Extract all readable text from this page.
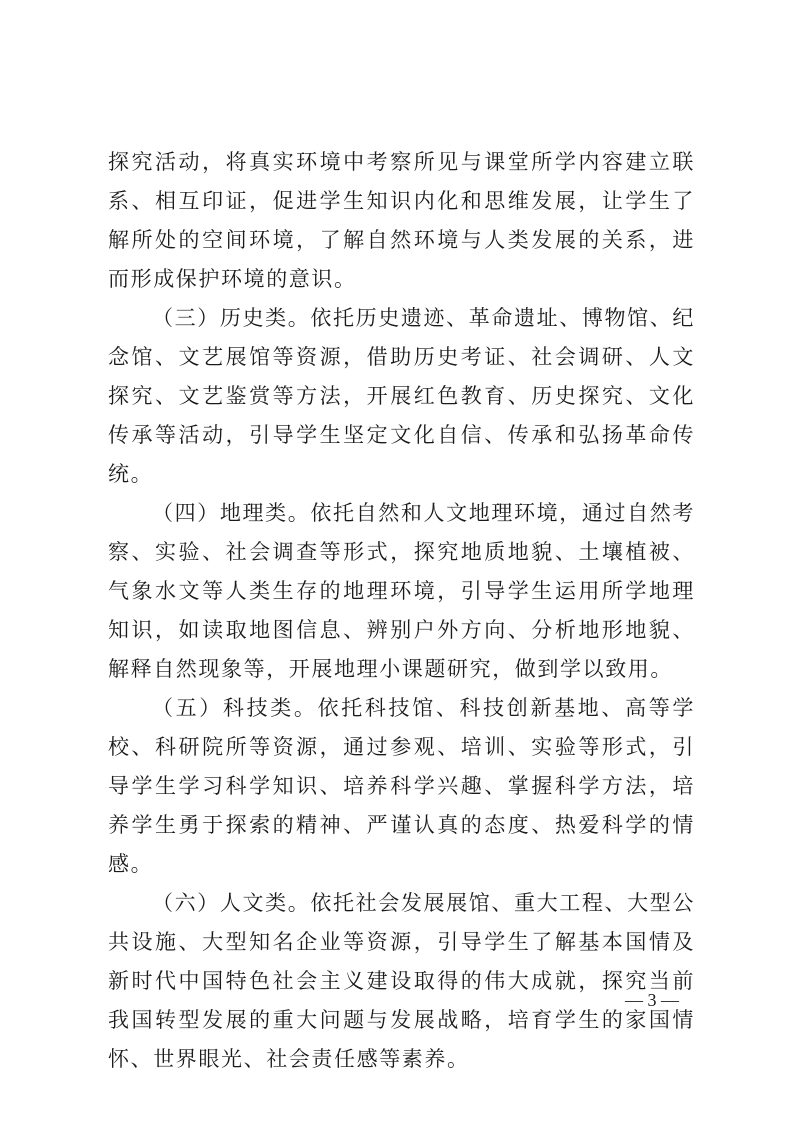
探究活动，将真实环境中考察所见与课堂所学内容建立联系、相互印证，促进学生知识内化和思维发展，让学生了解所处的空间环境，了解自然环境与人类发展的关系，进而形成保护环境的意识。

（三）历史类。依托历史遗迹、革命遗址、博物馆、纪念馆、文艺展馆等资源，借助历史考证、社会调研、人文探究、文艺鉴赏等方法，开展红色教育、历史探究、文化传承等活动，引导学生坚定文化自信、传承和弘扬革命传统。

（四）地理类。依托自然和人文地理环境，通过自然考察、实验、社会调查等形式，探究地质地貌、土壤植被、气象水文等人类生存的地理环境，引导学生运用所学地理知识，如读取地图信息、辨别户外方向、分析地形地貌、解释自然现象等，开展地理小课题研究，做到学以致用。

（五）科技类。依托科技馆、科技创新基地、高等学校、科研院所等资源，通过参观、培训、实验等形式，引导学生学习科学知识、培养科学兴趣、掌握科学方法，培养学生勇于探索的精神、严谨认真的态度、热爱科学的情感。

（六）人文类。依托社会发展展馆、重大工程、大型公共设施、大型知名企业等资源，引导学生了解基本国情及新时代中国特色社会主义建设取得的伟大成就，探究当前我国转型发展的重大问题与发展战略，培育学生的家国情怀、世界眼光、社会责任感等素养。

— 3 —
